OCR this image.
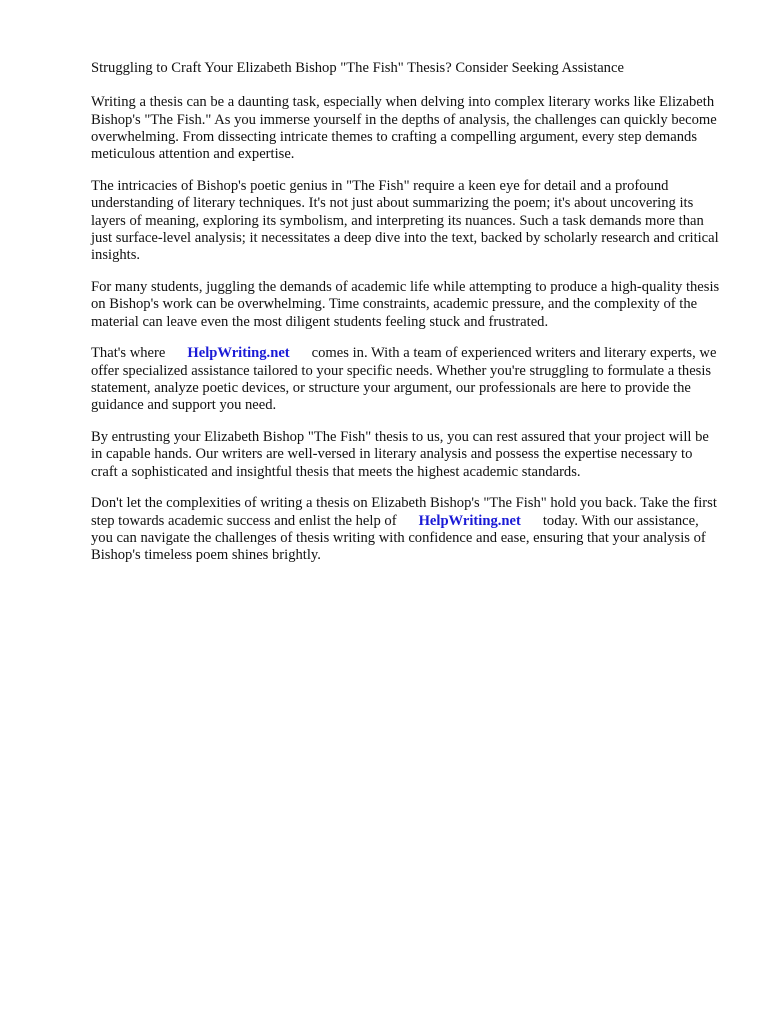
Struggling to Craft Your Elizabeth Bishop "The Fish" Thesis? Consider Seeking Assistance

Writing a thesis can be a daunting task, especially when delving into complex literary works like Elizabeth Bishop's "The Fish." As you immerse yourself in the depths of analysis, the challenges can quickly become overwhelming. From dissecting intricate themes to crafting a compelling argument, every step demands meticulous attention and expertise.

The intricacies of Bishop's poetic genius in "The Fish" require a keen eye for detail and a profound understanding of literary techniques. It's not just about summarizing the poem; it's about uncovering its layers of meaning, exploring its symbolism, and interpreting its nuances. Such a task demands more than just surface-level analysis; it necessitates a deep dive into the text, backed by scholarly research and critical insights.

For many students, juggling the demands of academic life while attempting to produce a high-quality thesis on Bishop's work can be overwhelming. Time constraints, academic pressure, and the complexity of the material can leave even the most diligent students feeling stuck and frustrated.

That's where HelpWriting.net comes in. With a team of experienced writers and literary experts, we offer specialized assistance tailored to your specific needs. Whether you're struggling to formulate a thesis statement, analyze poetic devices, or structure your argument, our professionals are here to provide the guidance and support you need.

By entrusting your Elizabeth Bishop "The Fish" thesis to us, you can rest assured that your project will be in capable hands. Our writers are well-versed in literary analysis and possess the expertise necessary to craft a sophisticated and insightful thesis that meets the highest academic standards.

Don't let the complexities of writing a thesis on Elizabeth Bishop's "The Fish" hold you back. Take the first step towards academic success and enlist the help of HelpWriting.net today. With our assistance, you can navigate the challenges of thesis writing with confidence and ease, ensuring that your analysis of Bishop's timeless poem shines brightly.
